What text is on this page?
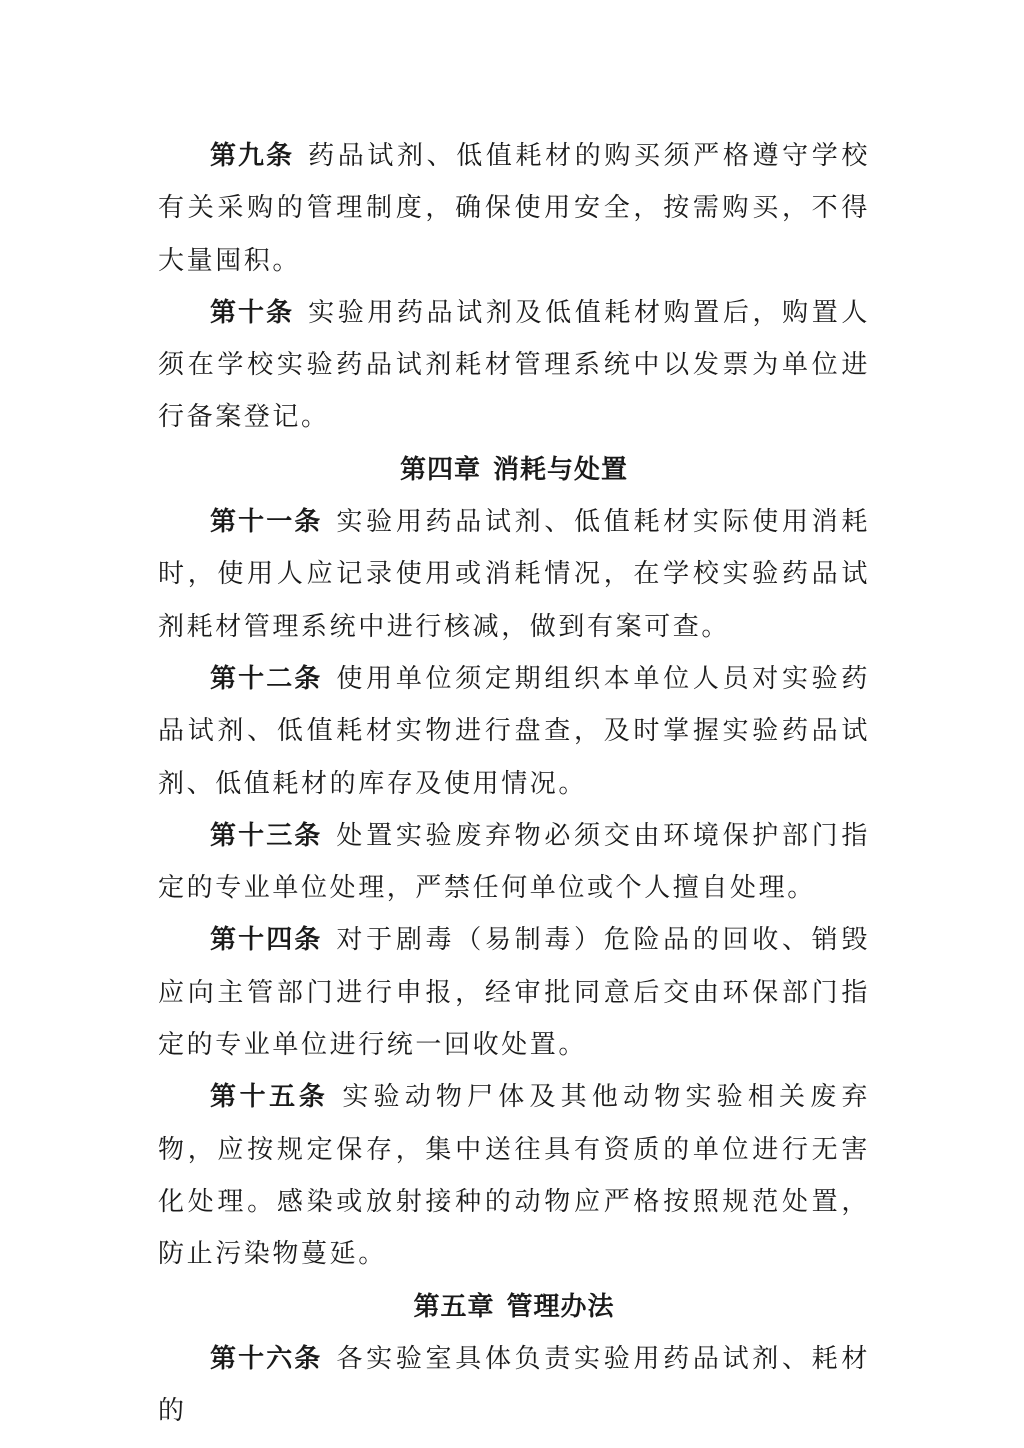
第九条 药品试剂、低值耗材的购买须严格遵守学校有关采购的管理制度，确保使用安全，按需购买，不得大量囤积。

第十条 实验用药品试剂及低值耗材购置后，购置人须在学校实验药品试剂耗材管理系统中以发票为单位进行备案登记。

第四章 消耗与处置

第十一条 实验用药品试剂、低值耗材实际使用消耗时，使用人应记录使用或消耗情况，在学校实验药品试剂耗材管理系统中进行核减，做到有案可查。

第十二条 使用单位须定期组织本单位人员对实验药品试剂、低值耗材实物进行盘查，及时掌握实验药品试剂、低值耗材的库存及使用情况。

第十三条 处置实验废弃物必须交由环境保护部门指定的专业单位处理，严禁任何单位或个人擅自处理。

第十四条 对于剧毒（易制毒）危险品的回收、销毁应向主管部门进行申报，经审批同意后交由环保部门指定的专业单位进行统一回收处置。

第十五条 实验动物尸体及其他动物实验相关废弃物，应按规定保存，集中送往具有资质的单位进行无害化处理。感染或放射接种的动物应严格按照规范处置，防止污染物蔓延。

第五章 管理办法

第十六条 各实验室具体负责实验用药品试剂、耗材的
